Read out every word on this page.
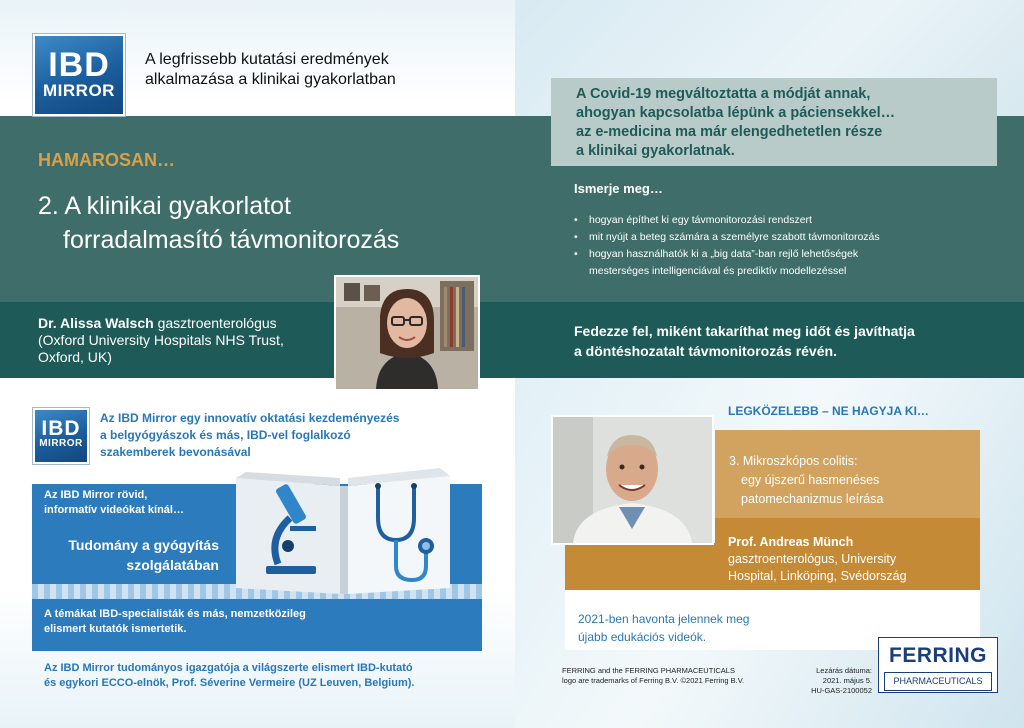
IBD
MIRROR
A legfrissebb kutatási eredmények
alkalmazása a klinikai gyakorlatban
HAMAROSAN…
2. A klinikai gyakorlatot
forradalmasító távmonitorozás
Dr. Alissa Walsch gasztroenterológus
(Oxford University Hospitals NHS Trust,
Oxford, UK)
A Covid-19 megváltoztatta a módját annak,
ahogyan kapcsolatba lépünk a páciensekkel…
az e-medicina ma már elengedhetetlen része
a klinikai gyakorlatnak.
Ismerje meg…
• hogyan építhet ki egy távmonitorozási rendszert
• mit nyújt a beteg számára a személyre szabott távmonitorozás
• hogyan használhatók ki a „big data”-ban rejlő lehetőségek
mesterséges intelligenciával és prediktív modellezéssel
Fedezze fel, miként takaríthat meg időt és javíthatja
a döntéshozatalt távmonitorozás révén.
IBD
MIRROR
Az IBD Mirror egy innovatív oktatási kezdeményezés
a belgyógyászok és más, IBD-vel foglalkozó
szakemberek bevonásával
Az IBD Mirror rövid,
informatív videókat kínál…
Tudomány a gyógyítás
szolgálatában
A témákat IBD-specialisták és más, nemzetközileg
elismert kutatók ismertetik.
Az IBD Mirror tudományos igazgatója a világszerte elismert IBD-kutató
és egykori ECCO-elnök, Prof. Séverine Vermeire (UZ Leuven, Belgium).
LEGKÖZELEBB – NE HAGYJA KI…
3. Mikroszkópos colitis:
egy újszerű hasmenéses
patomechanizmus leírása
Prof. Andreas Münch
gasztroenterológus, University
Hospital, Linköping, Svédország
2021-ben havonta jelennek meg
újabb edukációs videók.
FERRING and the FERRING PHARMACEUTICALS
logo are trademarks of Ferring B.V. ©2021 Ferring B.V.
Lezárás dátuma:
2021. május 5.
HU-GAS-2100052
FERRING
PHARMACEUTICALS
